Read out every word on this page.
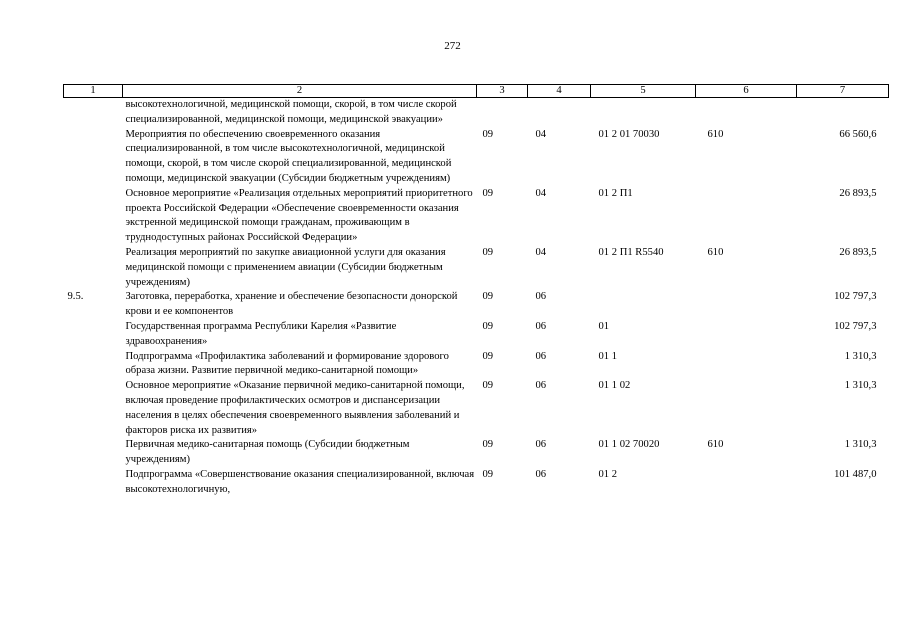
272
1	2	3	4	5	6	7
	высокотехнологичной, медицинской помощи, скорой, в том числе скорой специализированной, медицинской помощи, медицинской эвакуации»					
	Мероприятия по обеспечению своевременного оказания специализированной, в том числе высокотехнологичной, медицинской помощи, скорой, в том числе скорой специализированной, медицинской помощи, медицинской эвакуации (Субсидии бюджетным учреждениям)	09	04	01 2 01 70030	610	66 560,6
	Основное мероприятие «Реализация отдельных мероприятий приоритетного проекта Российской Федерации «Обеспечение своевременности оказания экстренной медицинской помощи гражданам, проживающим в труднодоступных районах Российской Федерации»	09	04	01 2 П1		26 893,5
	Реализация мероприятий по закупке авиационной услуги для оказания медицинской помощи с применением авиации (Субсидии бюджетным учреждениям)	09	04	01 2 П1 R5540	610	26 893,5
9.5.	Заготовка, переработка, хранение и обеспечение безопасности донорской крови и ее компонентов	09	06			102 797,3
	Государственная программа Республики Карелия «Развитие здравоохранения»	09	06	01		102 797,3
	Подпрограмма «Профилактика заболеваний и формирование здорового образа жизни. Развитие первичной медико-санитарной помощи»	09	06	01 1		1 310,3
	Основное мероприятие «Оказание первичной медико-санитарной помощи, включая проведение профилактических осмотров и диспансеризации населения в целях обеспечения своевременного выявления заболеваний и факторов риска их развития»	09	06	01 1 02		1 310,3
	Первичная медико-санитарная помощь (Субсидии бюджетным учреждениям)	09	06	01 1 02 70020	610	1 310,3
	Подпрограмма «Совершенствование оказания специализированной, включая высокотехнологичную,	09	06	01 2		101 487,0
